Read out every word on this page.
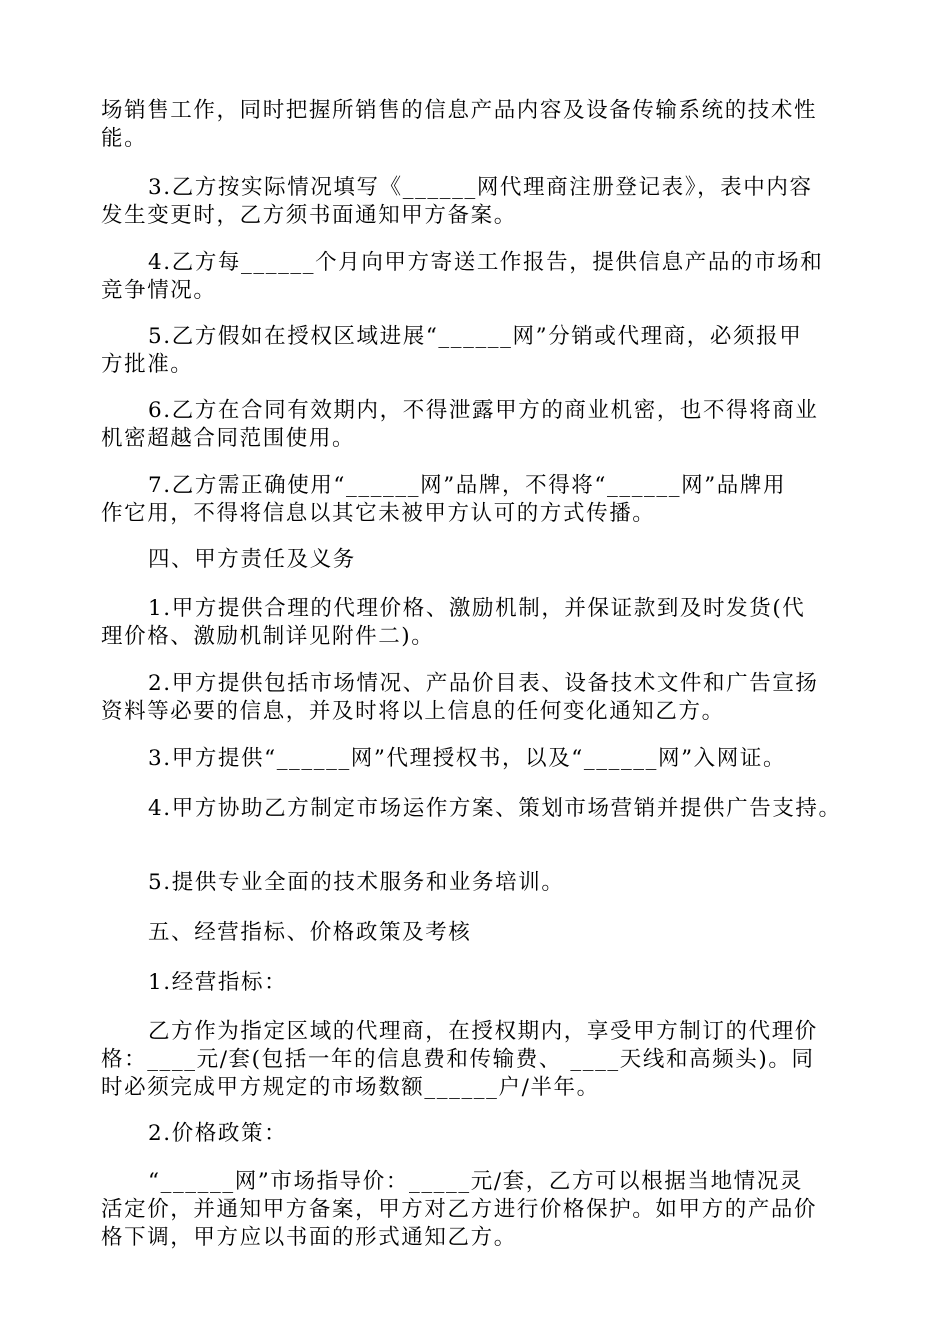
场销售工作，同时把握所销售的信息产品内容及设备传输系统的技术性
能。
3.乙方按实际情况填写《______网代理商注册登记表》，表中内容
发生变更时，乙方须书面通知甲方备案。
4.乙方每______个月向甲方寄送工作报告，提供信息产品的市场和
竞争情况。
5.乙方假如在授权区域进展“______网”分销或代理商，必须报甲
方批准。
6.乙方在合同有效期内，不得泄露甲方的商业机密，也不得将商业
机密超越合同范围使用。
7.乙方需正确使用“______网”品牌，不得将“______网”品牌用
作它用，不得将信息以其它未被甲方认可的方式传播。
四、甲方责任及义务
1.甲方提供合理的代理价格、激励机制，并保证款到及时发货(代
理价格、激励机制详见附件二)。
2.甲方提供包括市场情况、产品价目表、设备技术文件和广告宣扬
资料等必要的信息，并及时将以上信息的任何变化通知乙方。
3.甲方提供“______网”代理授权书，以及“______网”入网证。
4.甲方协助乙方制定市场运作方案、策划市场营销并提供广告支持。
5.提供专业全面的技术服务和业务培训。
五、经营指标、价格政策及考核
1.经营指标：
乙方作为指定区域的代理商，在授权期内，享受甲方制订的代理价
格：____元/套(包括一年的信息费和传输费、 ____天线和高频头)。同
时必须完成甲方规定的市场数额______户/半年。
2.价格政策：
“______网”市场指导价：_____元/套，乙方可以根据当地情况灵
活定价，并通知甲方备案，甲方对乙方进行价格保护。如甲方的产品价
格下调，甲方应以书面的形式通知乙方。
